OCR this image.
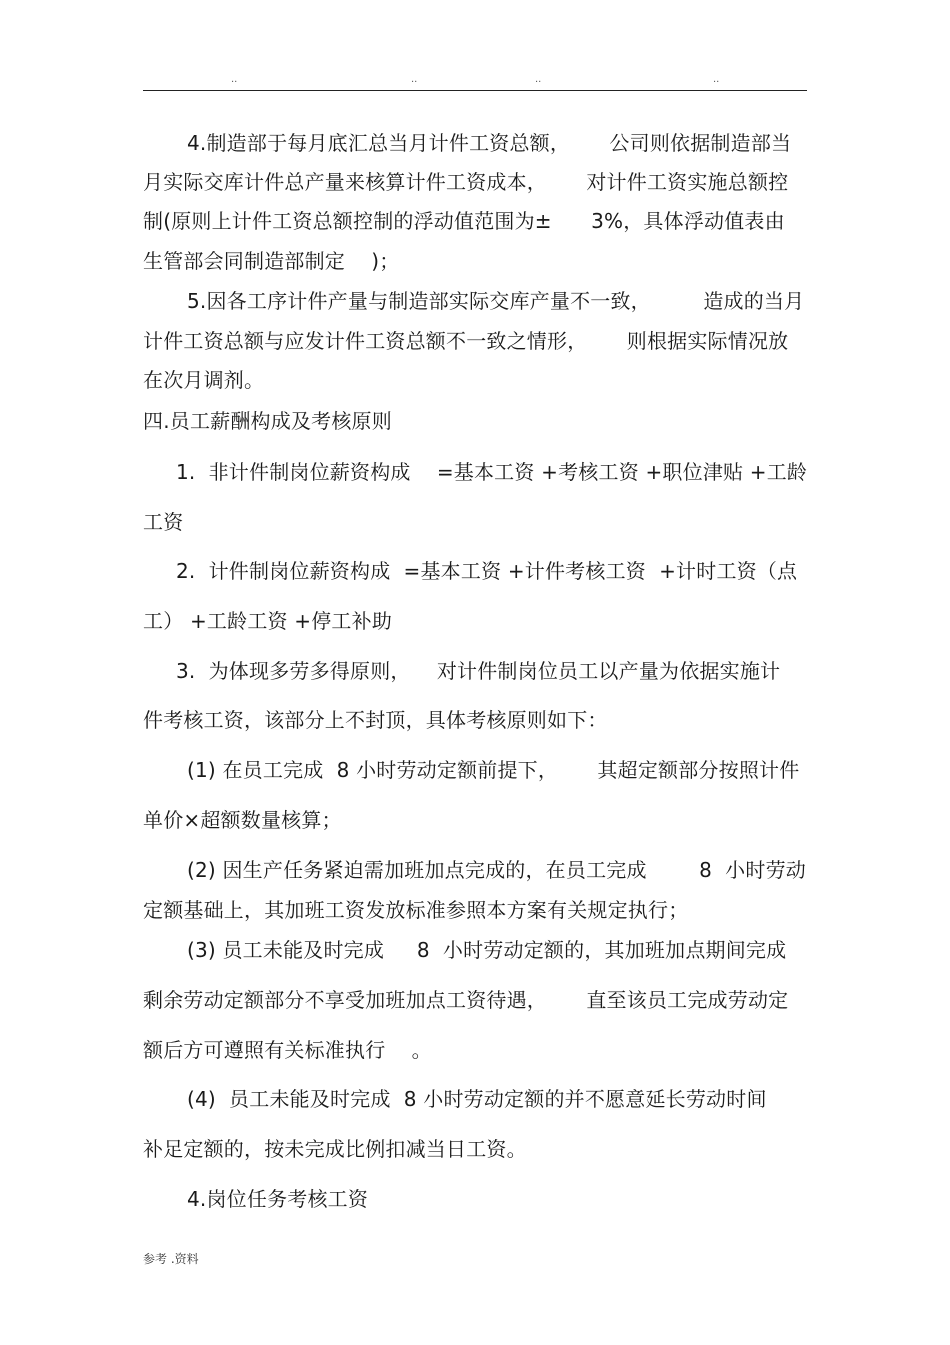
..	..	..	..
4.制造部于每月底汇总当月计件工资总额，      公司则依据制造部当
月实际交库计件总产量来核算计件工资成本，      对计件工资实施总额控
制(原则上计件工资总额控制的浮动值范围为±      3%，具体浮动值表由
生管部会同制造部制定    )；
5.因各工序计件产量与制造部实际交库产量不一致，        造成的当月
计件工资总额与应发计件工资总额不一致之情形，      则根据实际情况放
在次月调剂。
四.员工薪酬构成及考核原则
1.  非计件制岗位薪资构成    =基本工资 +考核工资 +职位津贴 +工龄
工资
2.  计件制岗位薪资构成  =基本工资 +计件考核工资  +计时工资（点
工） +工龄工资 +停工补助
3.  为体现多劳多得原则，    对计件制岗位员工以产量为依据实施计
件考核工资，该部分上不封顶，具体考核原则如下：
(1) 在员工完成  8 小时劳动定额前提下，      其超定额部分按照计件
单价×超额数量核算；
(2) 因生产任务紧迫需加班加点完成的，在员工完成        8  小时劳动
定额基础上，其加班工资发放标准参照本方案有关规定执行；
(3) 员工未能及时完成     8  小时劳动定额的，其加班加点期间完成
剩余劳动定额部分不享受加班加点工资待遇，      直至该员工完成劳动定
额后方可遵照有关标准执行    。
(4)  员工未能及时完成  8 小时劳动定额的并不愿意延长劳动时间
补足定额的，按未完成比例扣减当日工资。
4.岗位任务考核工资
参考 .资料
